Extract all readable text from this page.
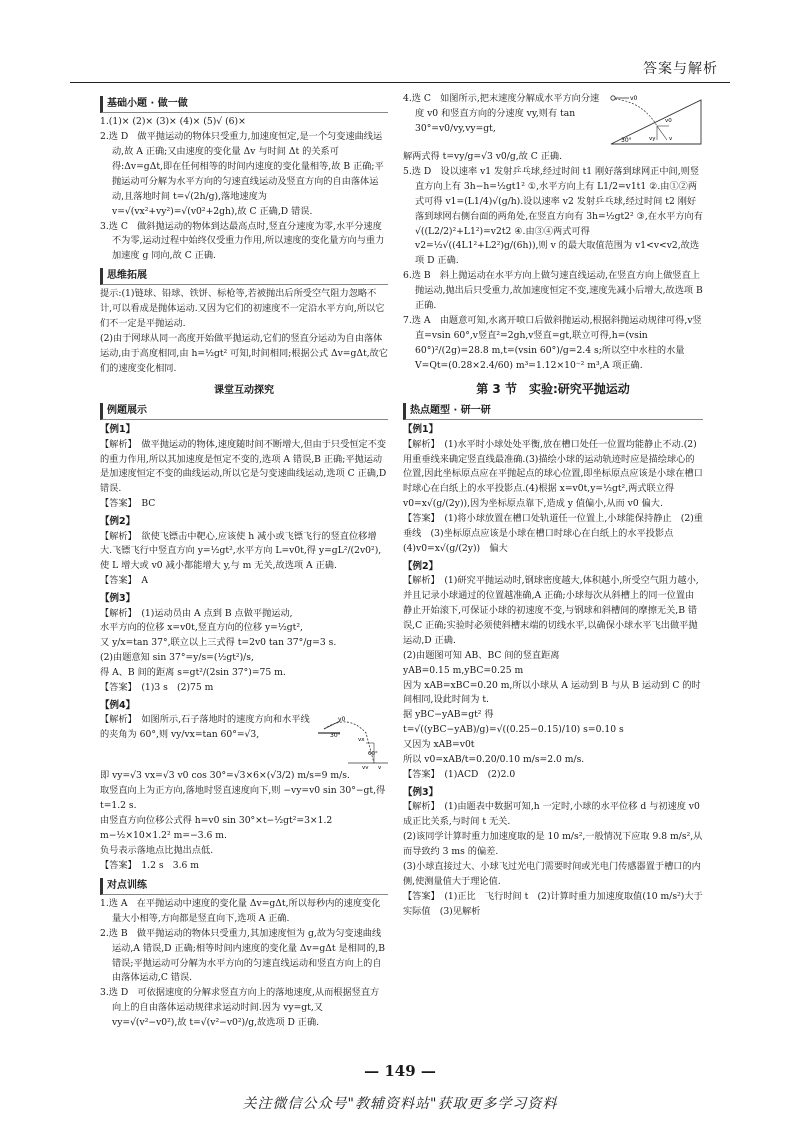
答案与解析
基础小题 · 做一做

1.(1)× (2)× (3)× (4)× (5)√ (6)×

2.选 D　做平抛运动的物体只受重力,加速度恒定,是一个匀变速曲线运动,故 A 正确;又由速度的变化量 Δv 与时间 Δt 的关系可得:Δv=gΔt,即在任何相等的时间内速度的变化量相等,故 B 正确;平抛运动可分解为水平方向的匀速直线运动及竖直方向的自由落体运动,且落地时间 t=√(2h/g),落地速度为 v=√(vx²+vy²)=√(v0²+2gh),故 C 正确,D 错误.

3.选 C　做斜抛运动的物体到达最高点时,竖直分速度为零,水平分速度不为零,运动过程中始终仅受重力作用,所以速度的变化量方向与重力加速度 g 同向,故 C 正确.

思维拓展

提示:(1)链球、铅球、铁饼、标枪等,若被抛出后所受空气阻力忽略不计,可以看成是抛体运动.又因为它们的初速度不一定沿水平方向,所以它们不一定是平抛运动.

(2)由于网球从同一高度开始做平抛运动,它们的竖直分运动为自由落体运动,由于高度相同,由 h=½gt² 可知,时间相同;根据公式 Δv=gΔt,故它们的速度变化相同.

课堂互动探究
例题展示
【例1】

【解析】　做平抛运动的物体,速度随时间不断增大,但由于只受恒定不变的重力作用,所以其加速度是恒定不变的,选项 A 错误,B 正确;平抛运动是加速度恒定不变的曲线运动,所以它是匀变速曲线运动,选项 C 正确,D 错误.

【答案】　BC

【例2】

【解析】　欲使飞镖击中靶心,应该使 h 减小或飞镖飞行的竖直位移增大.飞镖飞行中竖直方向 y=½gt²,水平方向 L=v0t,得 y=gL²/(2v0²),使 L 增大或 v0 减小都能增大 y,与 m 无关,故选项 A 正确.

【答案】　A

【例3】

【解析】　(1)运动员由 A 点到 B 点做平抛运动,

水平方向的位移 x=v0t,竖直方向的位移 y=½gt²,

又 y/x=tan 37°,联立以上三式得 t=2v0 tan 37°/g=3 s.

(2)由题意知 sin 37°=y/s=(½gt²)/s,

得 A、B 间的距离 s=gt²/(2sin 37°)=75 m.

【答案】　(1)3 s　(2)75 m

【例4】

【解析】　如图所示,石子落地时的速度方向和水平线的夹角为 60°,则 vy/vx=tan 60°=√3,

v0
30°
60°
vy v
vx

即 vy=√3 vx=√3 v0 cos 30°=√3×6×(√3/2) m/s=9 m/s.

取竖直向上为正方向,落地时竖直速度向下,则 −vy=v0 sin 30°−gt,得 t=1.2 s.

由竖直方向位移公式得 h=v0 sin 30°×t−½gt²=3×1.2 m−½×10×1.2² m=−3.6 m.

负号表示落地点比抛出点低.

【答案】　1.2 s　3.6 m

对点训练

1.选 A　在平抛运动中速度的变化量 Δv=gΔt,所以每秒内的速度变化量大小相等,方向都是竖直向下,选项 A 正确.

2.选 B　做平抛运动的物体只受重力,其加速度恒为 g,故为匀变速曲线运动,A 错误,D 正确;相等时间内速度的变化量 Δv=gΔt 是相同的,B 错误;平抛运动可分解为水平方向的匀速直线运动和竖直方向上的自由落体运动,C 错误.

3.选 D　可依据速度的分解求竖直方向上的落地速度,从而根据竖直方向上的自由落体运动规律求运动时间.因为 vy=gt,又 vy=√(v²−v0²),故 t=√(v²−v0²)/g,故选项 D 正确.

4.选 C　如图所示,把末速度分解成水平方向分速度 v0 和竖直方向的分速度 vy,则有 tan 30°=v0/vy,vy=gt,

v0
v0
vy v
30°

解两式得 t=vy/g=√3 v0/g,故 C 正确.

5.选 D　设以速率 v1 发射乒乓球,经过时间 t1 刚好落到球网正中间,则竖直方向上有 3h−h=½gt1² ①,水平方向上有 L1/2=v1t1 ②.由①②两式可得 v1=(L1/4)√(g/h).设以速率 v2 发射乒乓球,经过时间 t2 刚好落到球网右侧台面的两角处,在竖直方向有 3h=½gt2² ③,在水平方向有 √((L2/2)²+L1²)=v2t2 ④.由③④两式可得 v2=½√((4L1²+L2²)g/(6h)),则 v 的最大取值范围为 v1<v<v2,故选项 D 正确.

6.选 B　斜上抛运动在水平方向上做匀速直线运动,在竖直方向上做竖直上抛运动,抛出后只受重力,故加速度恒定不变,速度先减小后增大,故选项 B 正确.

7.选 A　由题意可知,水离开喷口后做斜抛运动,根据斜抛运动规律可得,v竖直=vsin 60°,v竖直²=2gh,v竖直=gt,联立可得,h=(vsin 60°)²/(2g)=28.8 m,t=(vsin 60°)/g=2.4 s;所以空中水柱的水量 V=Qt=(0.28×2.4/60) m³=1.12×10⁻² m³,A 项正确.

第 3 节　实验:研究平抛运动
热点题型 · 研一研
【例1】

【解析】　(1)水平时小球处处平衡,放在槽口处任一位置均能静止不动.(2)用重垂线来确定竖直线最准确.(3)描绘小球的运动轨迹时应是描绘球心的位置,因此坐标原点应在平抛起点的球心位置,即坐标原点应该是小球在槽口时球心在白纸上的水平投影点.(4)根据 x=v0t,y=½gt²,两式联立得 v0=x√(g/(2y)),因为坐标原点靠下,造成 y 值偏小,从而 v0 偏大.

【答案】　(1)将小球放置在槽口处轨道任一位置上,小球能保持静止　(2)重垂线　(3)坐标原点应该是小球在槽口时球心在白纸上的水平投影点　(4)v0=x√(g/(2y))　偏大

【例2】

【解析】　(1)研究平抛运动时,钢球密度越大,体积越小,所受空气阻力越小,并且记录小球通过的位置越准确,A 正确;小球每次从斜槽上的同一位置由静止开始滚下,可保证小球的初速度不变,与钢球和斜槽间的摩擦无关,B 错误,C 正确;实验时必须使斜槽末端的切线水平,以确保小球水平飞出做平抛运动,D 正确.

(2)由题图可知 AB、BC 间的竖直距离

yAB=0.15 m,yBC=0.25 m

因为 xAB=xBC=0.20 m,所以小球从 A 运动到 B 与从 B 运动到 C 的时间相同,设此时间为 t.

据 yBC−yAB=gt² 得

t=√((yBC−yAB)/g)=√((0.25−0.15)/10) s=0.10 s

又因为 xAB=v0t

所以 v0=xAB/t=0.20/0.10 m/s=2.0 m/s.

【答案】　(1)ACD　(2)2.0

【例3】

【解析】　(1)由题表中数据可知,h 一定时,小球的水平位移 d 与初速度 v0 成正比关系,与时间 t 无关.

(2)该同学计算时重力加速度取的是 10 m/s²,一般情况下应取 9.8 m/s²,从而导致约 3 ms 的偏差.

(3)小球直接过大、小球飞过光电门需要时间或光电门传感器置于槽口的内侧,使测量值大于理论值.

【答案】　(1)正比　飞行时间 t　(2)计算时重力加速度取值(10 m/s²)大于实际值　(3)见解析

— 149 —
关注微信公众号"教辅资料站"获取更多学习资料
